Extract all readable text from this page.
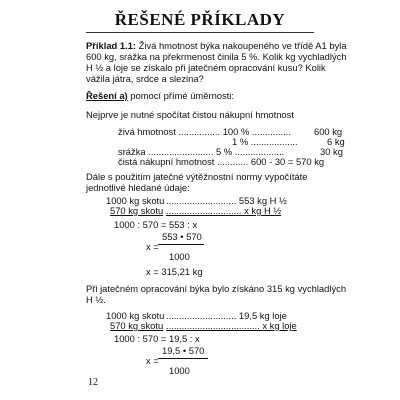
ŘEŠENÉ PŘÍKLADY

Příklad 1.1: Živá hmotnost býka nakoupeného ve třídě A1 byla 600 kg, srážka na překrmenost činila 5 %. Kolik kg vychladlých H ½ a loje se získalo při jatečném opracování kusu? Kolik vážila játra, srdce a slezina?

Řešení a) pomocí přímé úměrnosti:

Nejprve je nutné spočítat čistou nákupní hmotnost

živá hmotnost ................ 100 % ............... 600 kg
1 % ..................	6 kg
srážka ......................... 5 % ...................	30 kg
čistá nákupní hmotnost ............ 600 - 30 = 570 kg

Dále s použitím jatečné výtěžnostní normy vypočítáte jednotlivé hledané údaje:

1000 kg skotu ........................... 553 kg H ½
570 kg skotu ............................. x kg H ½
1000 : 570 = 553 : x
553 • 570
x =
1000
x = 315,21 kg

Při jatečném opracování býka bylo získáno 315 kg vychladlých H ½.

1000 kg skotu ........................... 19,5 kg loje
570 kg skotu .................................... x kg loje
1000 : 570 = 19,5 : x
19,5 • 570
x =
1000
12
